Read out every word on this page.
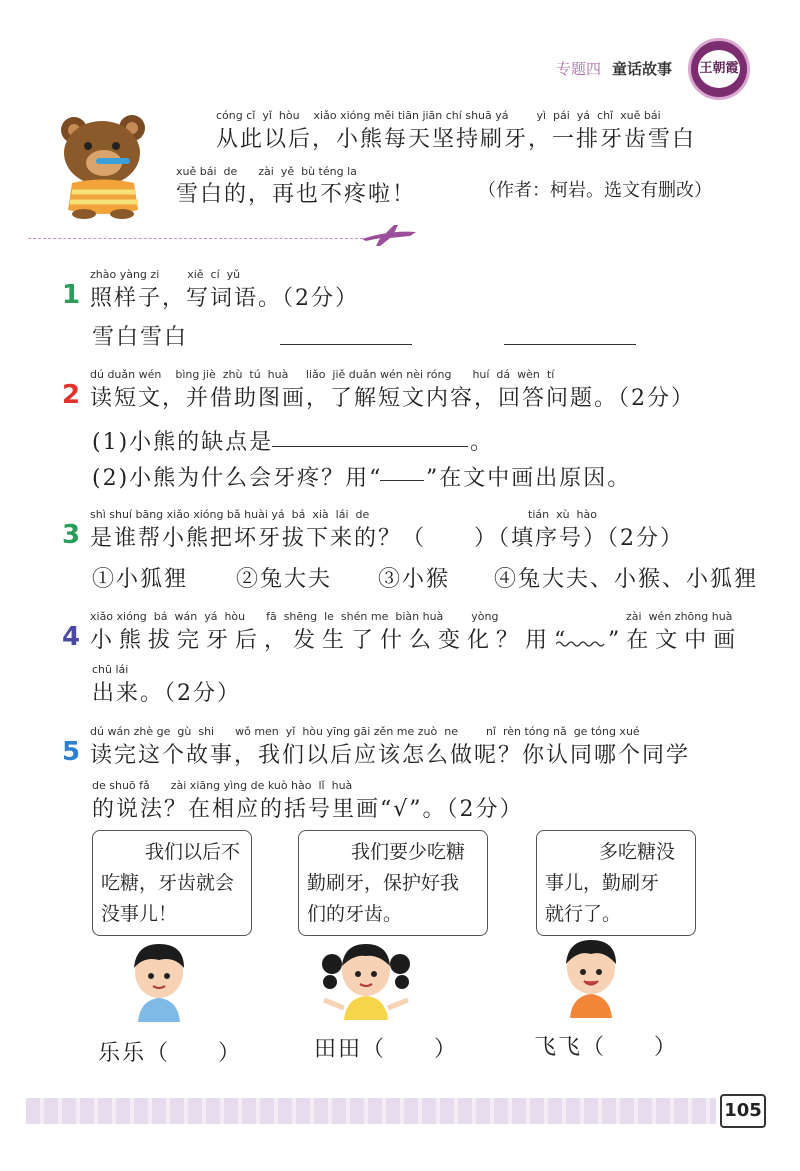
专题四 童话故事 王朝霞
cóng cǐ  yǐ  hòu    xiǎo xióng měi tiān jiān chí shuā yá        yì  pái  yá  chǐ  xuě bái
从此以后，小熊每天坚持刷牙，一排牙齿雪白
xuě bái  de      zài  yě  bù téng la
雪白的，再也不疼啦！	（作者：柯岩。选文有删改）
zhào yàng zi        xiě  cí  yǔ
1 照样子，写词语。（2分）
雪白雪白
dú duǎn wén    bìng jiè  zhù  tú  huà     liǎo  jiě duǎn wén nèi róng      huí  dá  wèn  tí
2 读短文，并借助图画，了解短文内容，回答问题。（2分）
(1)小熊的缺点是	。
(2)小熊为什么会牙疼？用“ ”在文中画出原因。
shì shuí bāng xiǎo xióng bǎ huài yá  bá  xià  lái  de	tián  xù  hào
3 是谁帮小熊把坏牙拔下来的？（　　）（填序号）（2分）
①小狐狸 ②兔大夫 ③小猴 ④兔大夫、小猴、小狐狸
xiǎo xióng  bá  wán  yá  hòu      fā  shēng  le  shén me  biàn huà        yòng	zài  wén zhōng huà
4 小熊拔完牙后，发生了什么变化？用“ ”在文中画
chū lái
出来。（2分）
dú wán zhè ge  gù  shi      wǒ men  yǐ  hòu yīng gāi zěn me zuò  ne        nǐ  rèn tóng nǎ  ge tóng xué
5 读完这个故事，我们以后应该怎么做呢？你认同哪个同学
de shuō fǎ      zài xiāng yìng de kuò hào  lǐ  huà
的说法？在相应的括号里画“√”。（2分）
我们以后不
吃糖，牙齿就会
没事儿！
我们要少吃糖
勤刷牙，保护好我
们的牙齿。
多吃糖没
事儿，勤刷牙
就行了。
乐乐（　　）	田田（　　）	飞飞（　　）
105
